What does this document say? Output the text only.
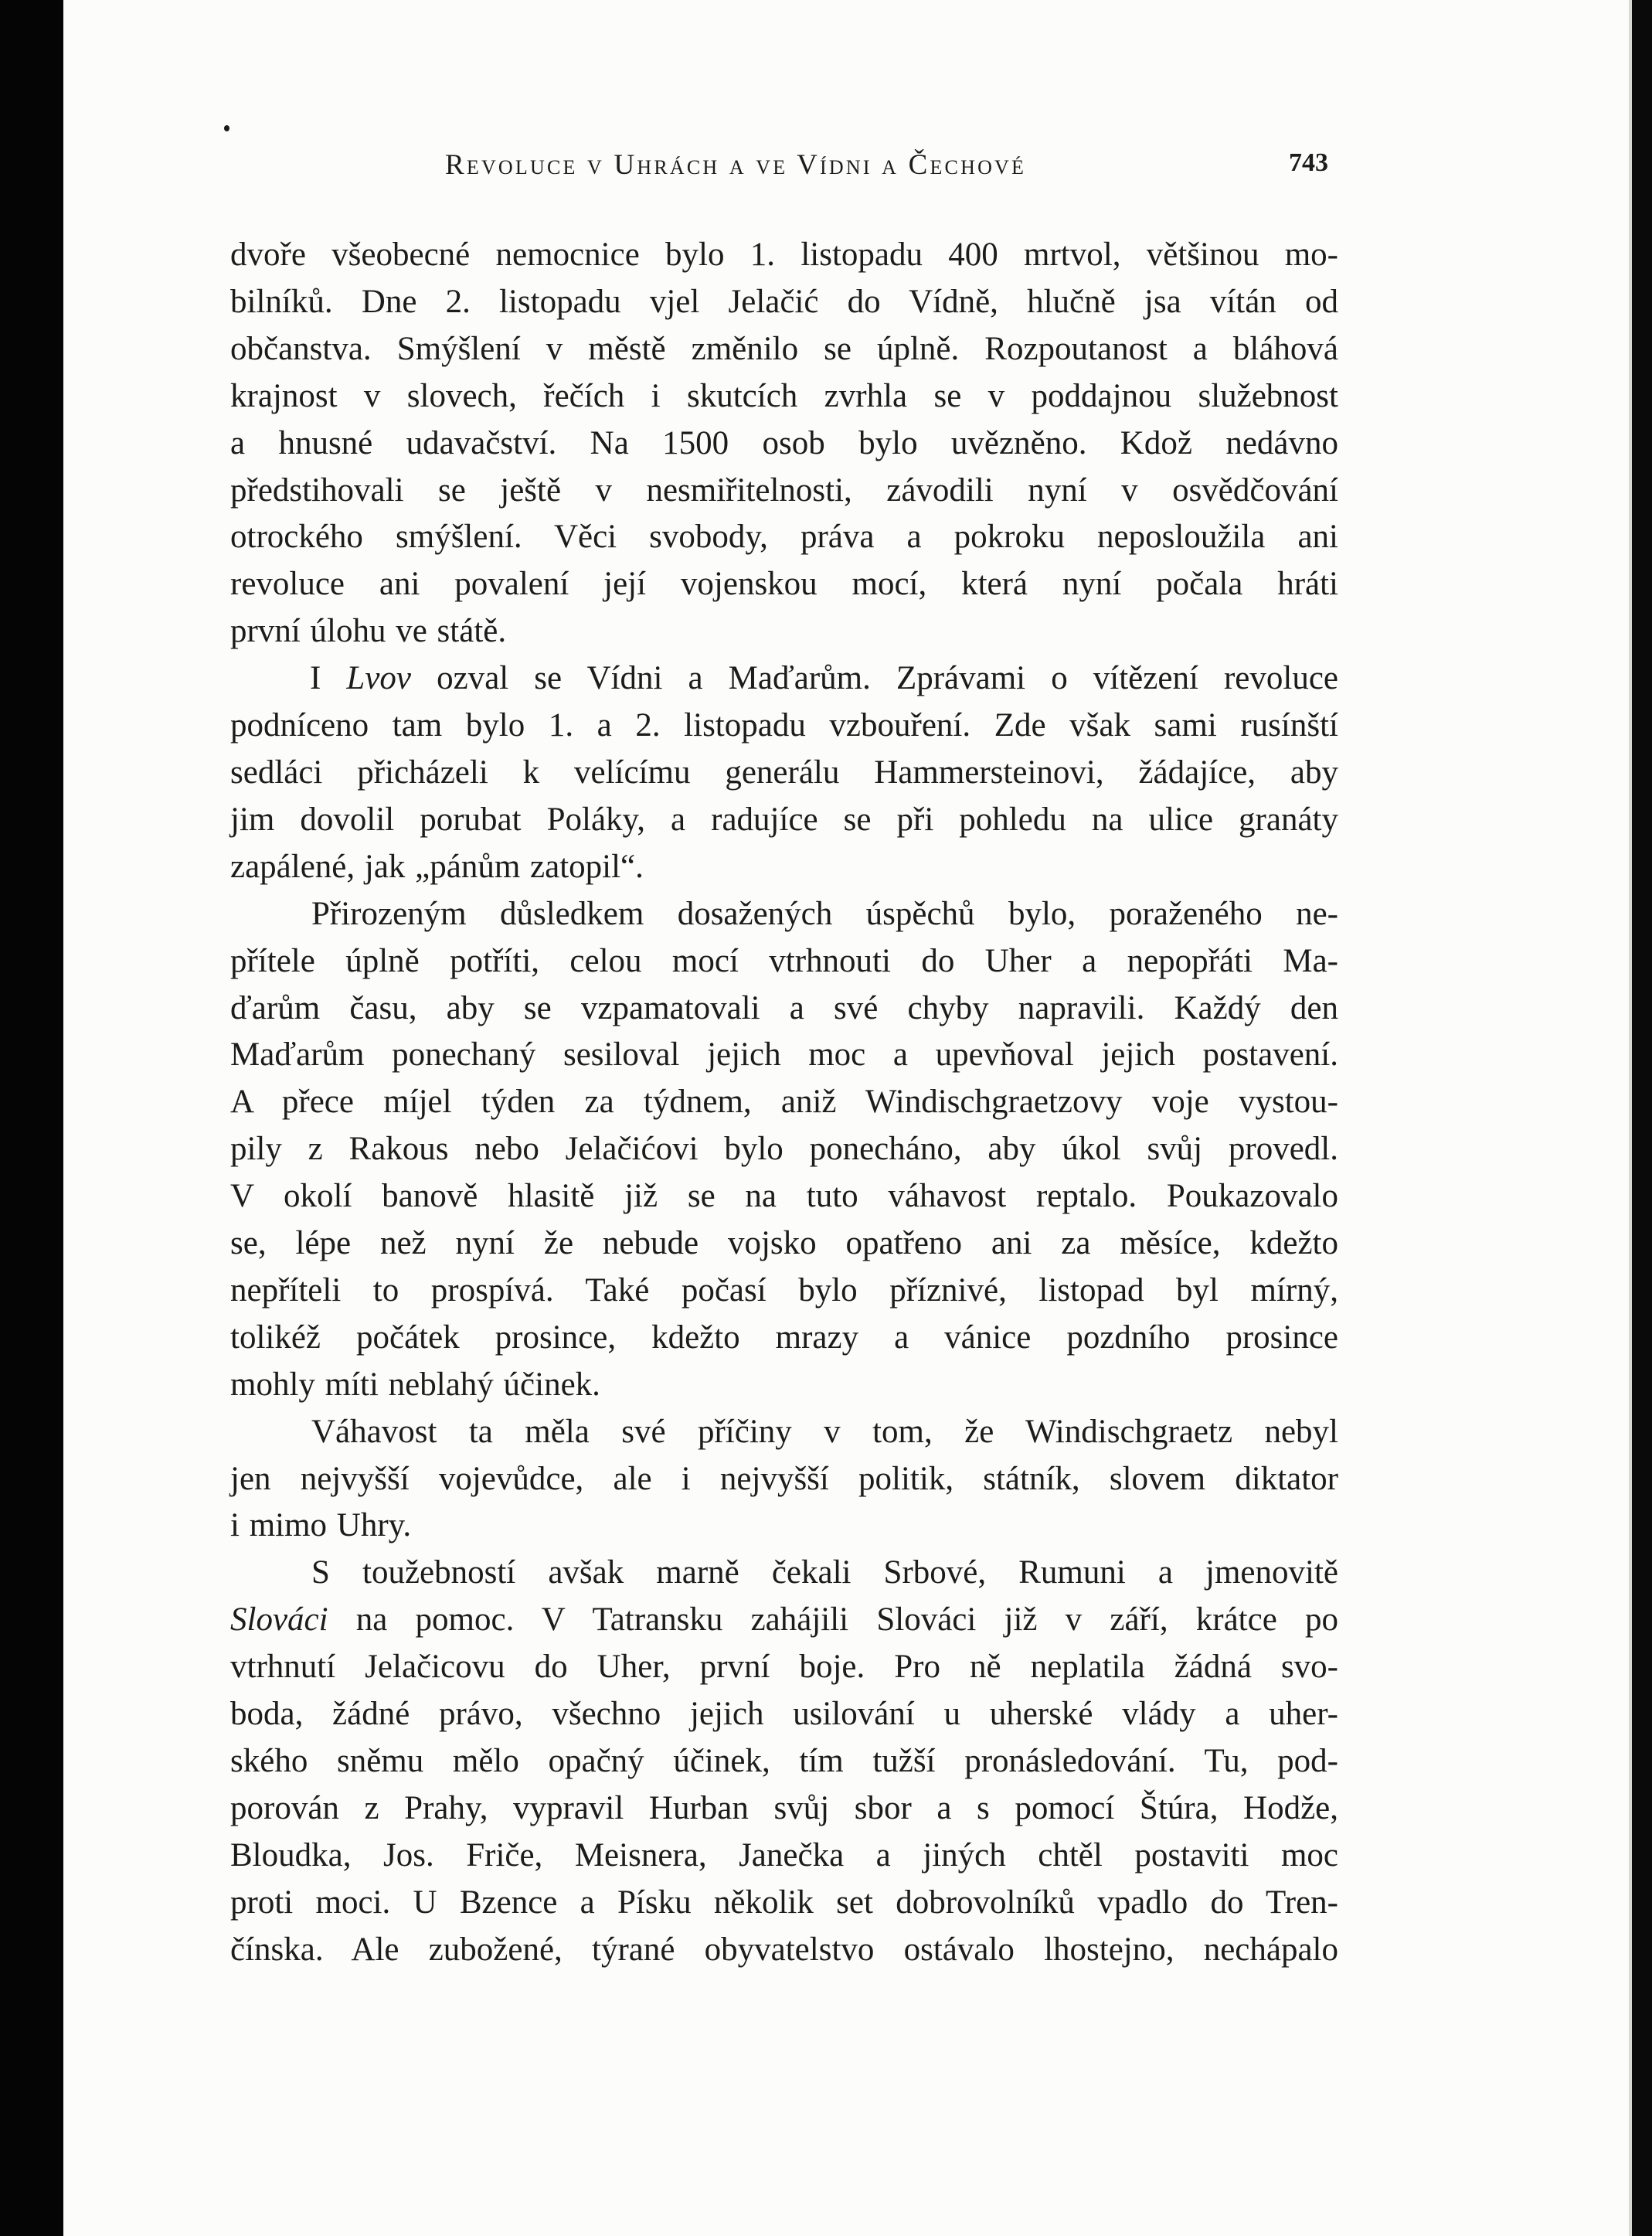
Revoluce v Uhrách a ve Vídni a Čechové	743

dvoře všeobecné nemocnice bylo 1. listopadu 400 mrtvol, většinou mo-

bilníků. Dne 2. listopadu vjel Jelačić do Vídně, hlučně jsa vítán od

občanstva. Smýšlení v městě změnilo se úplně. Rozpoutanost a bláhová

krajnost v slovech, řečích i skutcích zvrhla se v poddajnou služebnost

a hnusné udavačství. Na 1500 osob bylo uvězněno. Kdož nedávno

předstihovali se ještě v nesmiřitelnosti, závodili nyní v osvědčování

otrockého smýšlení. Věci svobody, práva a pokroku neposloužila ani

revoluce ani povalení její vojenskou mocí, která nyní počala hráti

první úlohu ve státě.

I Lvov ozval se Vídni a Maďarům. Zprávami o vítězení revoluce

podníceno tam bylo 1. a 2. listopadu vzbouření. Zde však sami rusínští

sedláci přicházeli k velícímu generálu Hammersteinovi, žádajíce, aby

jim dovolil porubat Poláky, a radujíce se při pohledu na ulice granáty

zapálené, jak „pánům zatopil“.

Přirozeným důsledkem dosažených úspěchů bylo, poraženého ne-

přítele úplně potříti, celou mocí vtrhnouti do Uher a nepopřáti Ma-

ďarům času, aby se vzpamatovali a své chyby napravili. Každý den

Maďarům ponechaný sesiloval jejich moc a upevňoval jejich postavení.

A přece míjel týden za týdnem, aniž Windischgraetzovy voje vystou-

pily z Rakous nebo Jelačićovi bylo ponecháno, aby úkol svůj provedl.

V okolí banově hlasitě již se na tuto váhavost reptalo. Poukazovalo

se, lépe než nyní že nebude vojsko opatřeno ani za měsíce, kdežto

nepříteli to prospívá. Také počasí bylo příznivé, listopad byl mírný,

tolikéž počátek prosince, kdežto mrazy a vánice pozdního prosince

mohly míti neblahý účinek.

Váhavost ta měla své příčiny v tom, že Windischgraetz nebyl

jen nejvyšší vojevůdce, ale i nejvyšší politik, státník, slovem diktator

i mimo Uhry.

S toužebností avšak marně čekali Srbové, Rumuni a jmenovitě

Slováci na pomoc. V Tatransku zahájili Slováci již v září, krátce po

vtrhnutí Jelačicovu do Uher, první boje. Pro ně neplatila žádná svo-

boda, žádné právo, všechno jejich usilování u uherské vlády a uher-

ského sněmu mělo opačný účinek, tím tužší pronásledování. Tu, pod-

porován z Prahy, vypravil Hurban svůj sbor a s pomocí Štúra, Hodže,

Bloudka, Jos. Friče, Meisnera, Janečka a jiných chtěl postaviti moc

proti moci. U Bzence a Písku několik set dobrovolníků vpadlo do Tren-

čínska. Ale zubožené, týrané obyvatelstvo ostávalo lhostejno, nechápalo
